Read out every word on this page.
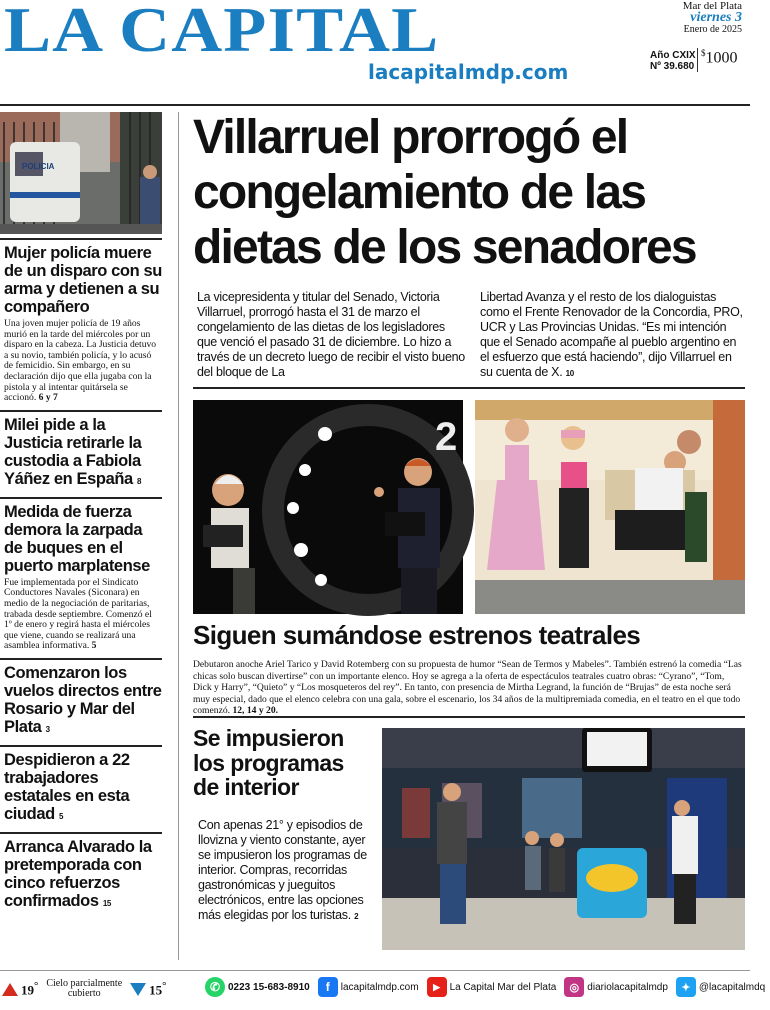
LA CAPITAL
lacapitalmdp.com
Mar del Plata
viernes 3
Enero de 2025
Año CXIX
Nº 39.680
$1000
POLICIA
Mujer policía muere de un disparo con su arma y detienen a su compañero

Una joven mujer policía de 19 años murió en la tarde del miércoles por un disparo en la cabeza. La Justicia detuvo a su novio, también policía, y lo acusó de femicidio. Sin embargo, en su declaración dijo que ella jugaba con la pistola y al intentar quitársela se accionó. 6 y 7

Milei pide a la Justicia retirarle la custodia a Fabiola Yáñez en España 8
Medida de fuerza demora la zarpada de buques en el puerto marplatense

Fue implementada por el Sindicato Conductores Navales (Siconara) en medio de la negociación de paritarias, trabada desde septiembre. Comenzó el 1º de enero y regirá hasta el miércoles que viene, cuando se realizará una asamblea informativa. 5

Comenzaron los vuelos directos entre Rosario y Mar del Plata 3
Despidieron a 22 trabajadores estatales en esta ciudad 5
Arranca Alvarado la pretemporada con cinco refuerzos confirmados 15
Villarruel prorrogó el congelamiento de las dietas de los senadores
La vicepresidenta y titular del Senado, Victoria Villarruel, prorrogó hasta el 31 de marzo el congelamiento de las dietas de los legisladores que venció el pasado 31 de diciembre. Lo hizo a través de un decreto luego de recibir el visto bueno del bloque de La
Libertad Avanza y el resto de los dialoguistas como el Frente Renovador de la Concordia, PRO, UCR y Las Provincias Unidas. “Es mi intención que el Senado acompañe al pueblo argentino en el esfuerzo que está haciendo”, dijo Villarruel en su cuenta de X. 10
2
Siguen sumándose estrenos teatrales
Debutaron anoche Ariel Tarico y David Rotemberg con su propuesta de humor “Sean de Termos y Mabeles”. También estrenó la comedia “Las chicas solo buscan divertirse” con un importante elenco. Hoy se agrega a la oferta de espectáculos teatrales cuatro obras: “Cyrano”, “Tom, Dick y Harry”, “Quieto” y “Los mosqueteros del rey”. En tanto, con presencia de Mirtha Legrand, la función de “Brujas” de esta noche será muy especial, dado que el elenco celebra con una gala, sobre el escenario, los 34 años de la multipremiada comedia, en el teatro en el que todo comenzó. 12, 14 y 20.
Se impusieron
los programas
de interior
Con apenas 21° y episodios de llovizna y viento constante, ayer se impusieron los programas de interior. Compras, recorridas gastronómicas y jueguitos electrónicos, entre las opciones más elegidas por los turistas. 2
19° Cielo parcialmente
cubierto	15°	✆ 0223 15-683-8910	f	lacapitalmdp.com	▶ La Capital Mar del Plata	◎ diariolacapitalmdp	✦ @lacapitalmdq
